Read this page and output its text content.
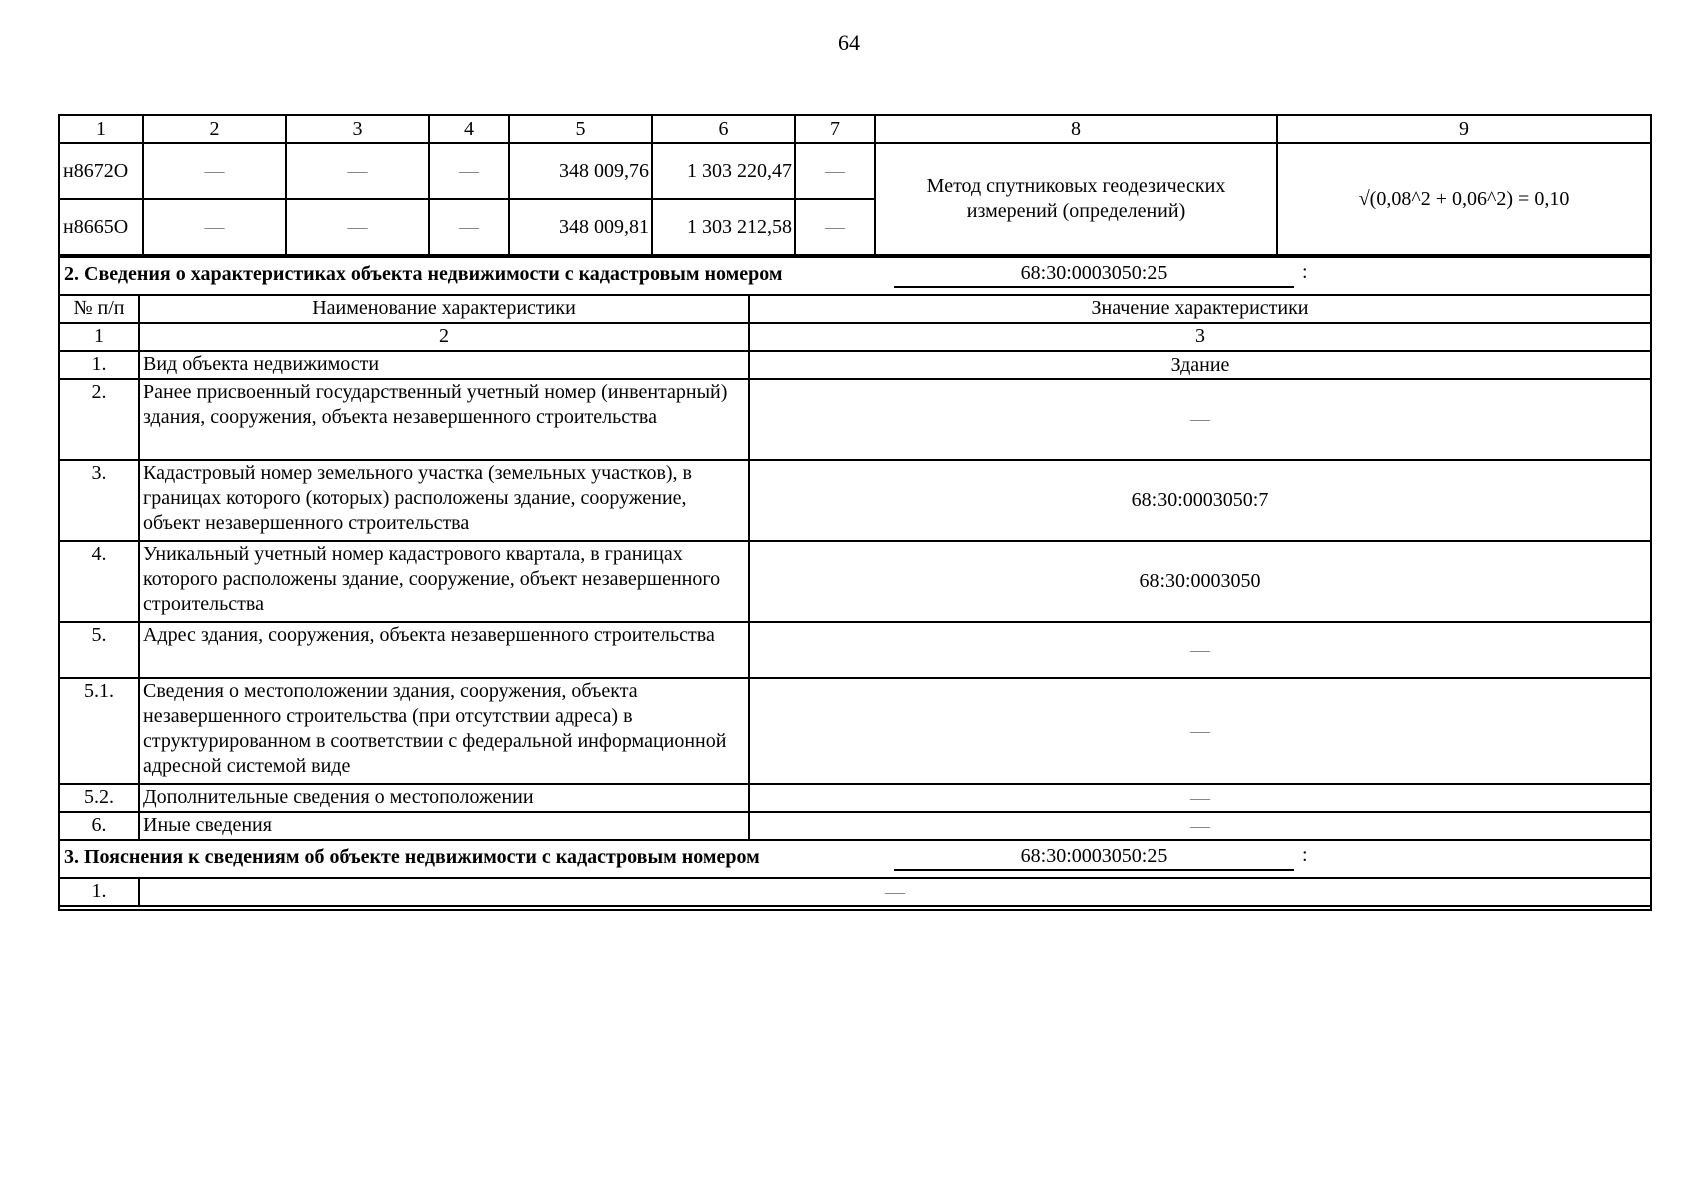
64
1	2	3	4	5	6	7	8	9
н8672О	—	—	—	348 009,76	1 303 220,47	—	Метод спутниковых геодезических измерений (определений)	√(0,08^2 + 0,06^2) = 0,10
н8665О	—	—	—	348 009,81	1 303 212,58	—		
2. Сведения о характеристиках объекта недвижимости с кадастровым номером 68:30:0003050:25 :		

№ п/п	Наименование характеристики	Значение характеристики
1	2	3
1.	Вид объекта недвижимости	Здание
2.	Ранее присвоенный государственный учетный номер (инвентарный) здания, сооружения, объекта незавершенного строительства	—
3.	Кадастровый номер земельного участка (земельных участков), в границах которого (которых) расположены здание, сооружение, объект незавершенного строительства	68:30:0003050:7
4.	Уникальный учетный номер кадастрового квартала, в границах которого расположены здание, сооружение, объект незавершенного строительства	68:30:0003050
5.	Адрес здания, сооружения, объекта незавершенного строительства	—
5.1.	Сведения о местоположении здания, сооружения, объекта незавершенного строительства (при отсутствии адреса) в структурированном в соответствии с федеральной информационной адресной системой виде	—
5.2.	Дополнительные сведения о местоположении	—
6.	Иные сведения	—

3. Пояснения к сведениям об объекте недвижимости с кадастровым номером 68:30:0003050:25 :		

1.	—	
